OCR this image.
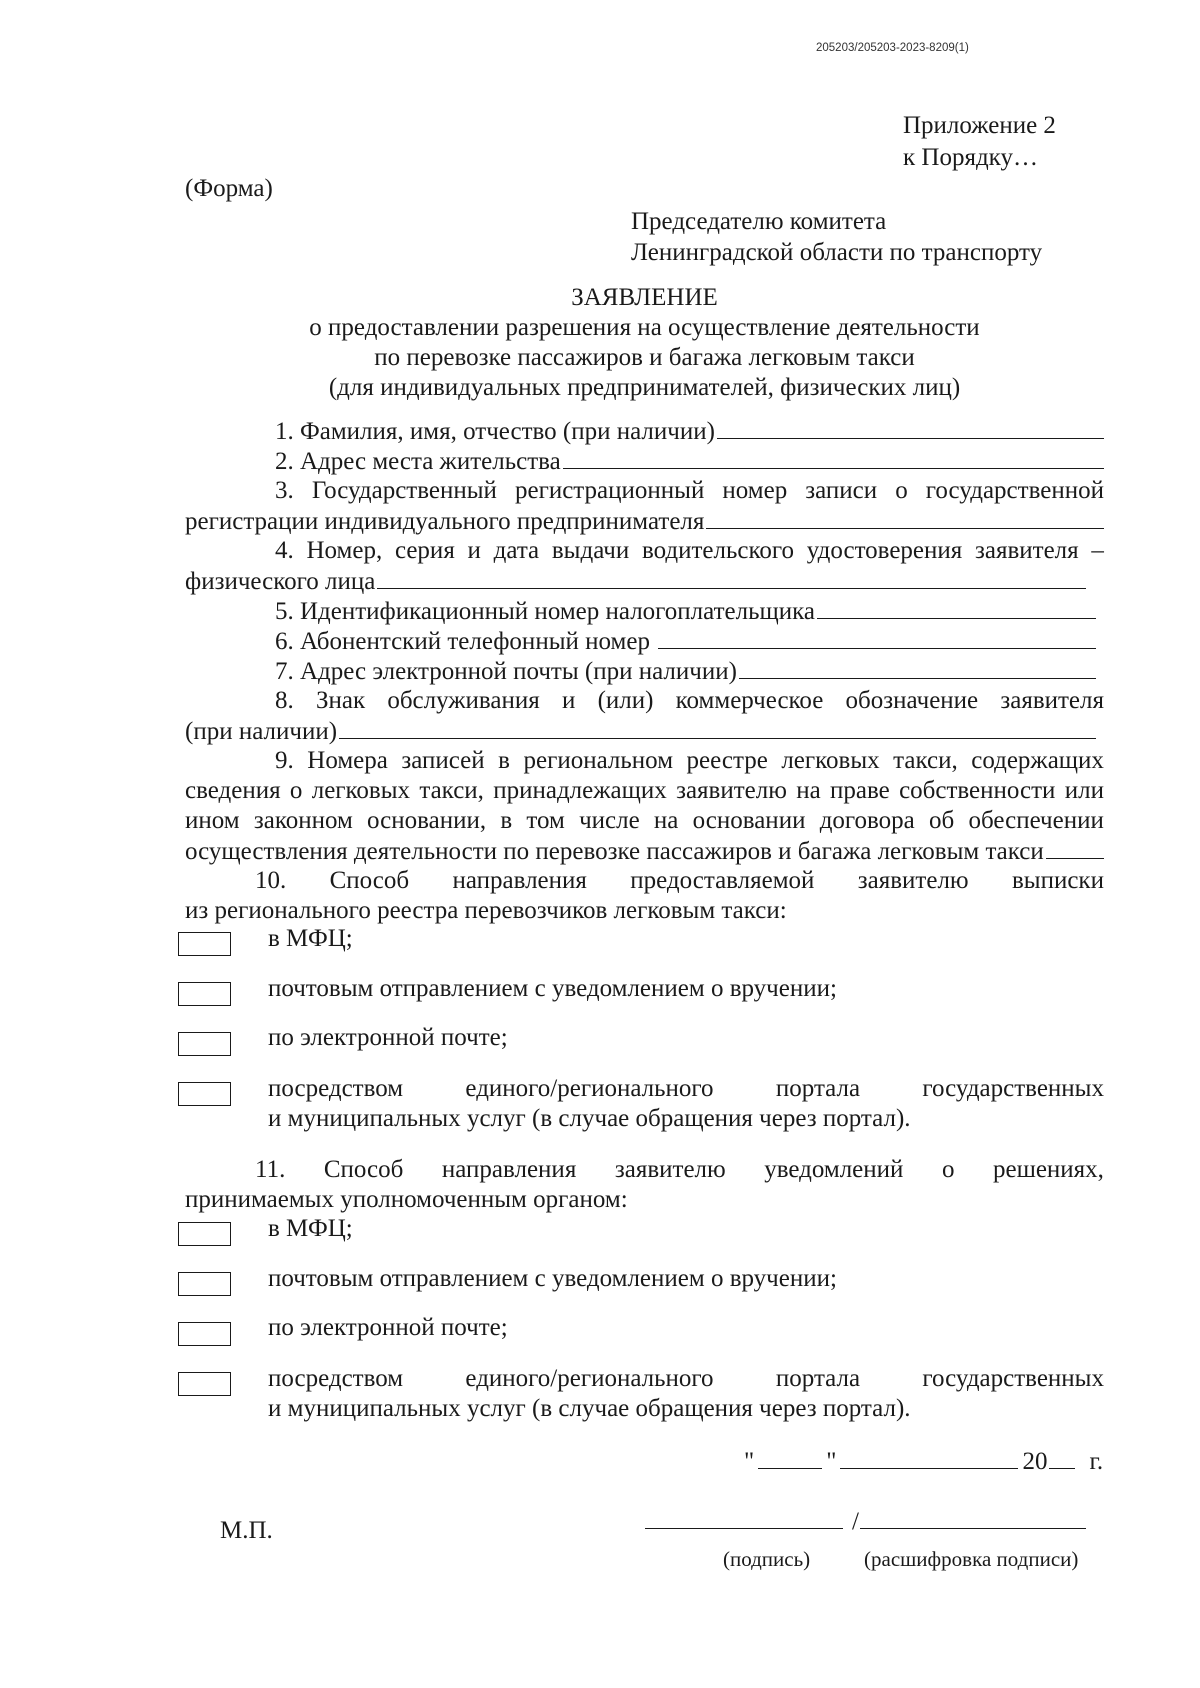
205203/205203-2023-8209(1)
Приложение 2
к Порядку…
(Форма)
Председателю комитета
Ленинградской области по транспорту
ЗАЯВЛЕНИЕ
о предоставлении разрешения на осуществление деятельности
по перевозке пассажиров и багажа легковым такси
(для индивидуальных предпринимателей, физических лиц)
1. Фамилия, имя, отчество (при наличии)
2. Адрес места жительства
3. Государственный регистрационный номер записи о государственной
регистрации индивидуального предпринимателя
4. Номер, серия и дата выдачи водительского удостоверения заявителя –
физического лица
5. Идентификационный номер налогоплательщика
6. Абонентский телефонный номер
7. Адрес электронной почты (при наличии)
8. Знак обслуживания и (или) коммерческое обозначение заявителя
(при наличии)
9. Номера записей в региональном реестре легковых такси, содержащих
сведения о легковых такси, принадлежащих заявителю на праве собственности или
ином законном основании, в том числе на основании договора об обеспечении
осуществления деятельности по перевозке пассажиров и багажа легковым такси
10. Способ направления предоставляемой заявителю выписки
из регионального реестра перевозчиков легковым такси:
в МФЦ;
почтовым отправлением с уведомлением о вручении;
по электронной почте;
посредством единого/регионального портала государственных
и муниципальных услуг (в случае обращения через портал).
11. Способ направления заявителю уведомлений о решениях,
принимаемых уполномоченным органом:
в МФЦ;
почтовым отправлением с уведомлением о вручении;
по электронной почте;
посредством единого/регионального портала государственных
и муниципальных услуг (в случае обращения через портал).
"	"	20 г.
М.П.	/
(подпись)	(расшифровка подписи)
